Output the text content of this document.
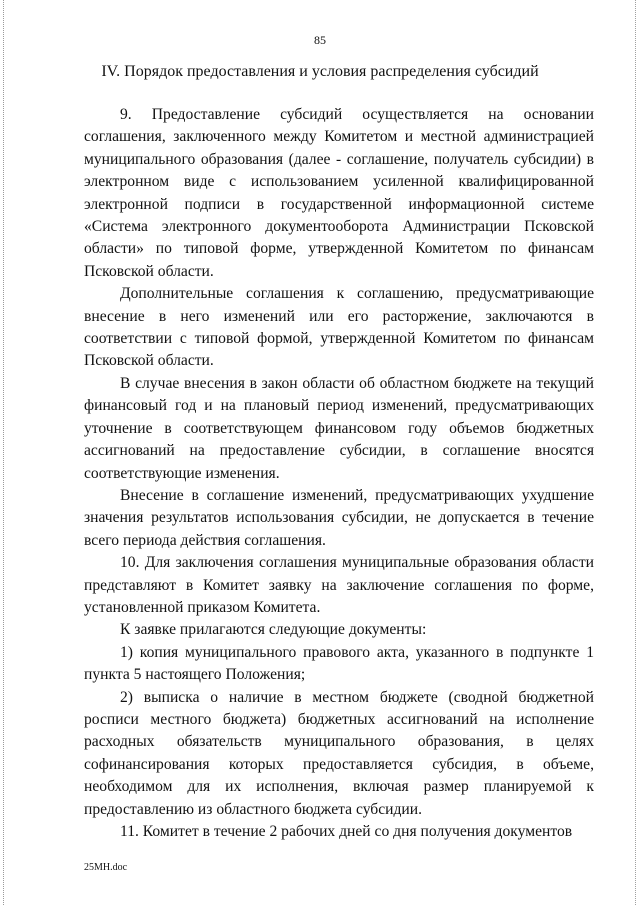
85
IV. Порядок предоставления и условия распределения субсидий

9. Предоставление субсидий осуществляется на основании соглашения, заключенного между Комитетом и местной администрацией муниципального образования (далее - соглашение, получатель субсидии) в электронном виде с использованием усиленной квалифицированной электронной подписи в государственной информационной системе «Система электронного документооборота Администрации Псковской области» по типовой форме, утвержденной Комитетом по финансам Псковской области.

Дополнительные соглашения к соглашению, предусматривающие внесение в него изменений или его расторжение, заключаются в соответствии с типовой формой, утвержденной Комитетом по финансам Псковской области.

В случае внесения в закон области об областном бюджете на текущий финансовый год и на плановый период изменений, предусматривающих уточнение в соответствующем финансовом году объемов бюджетных ассигнований на предоставление субсидии, в соглашение вносятся соответствующие изменения.

Внесение в соглашение изменений, предусматривающих ухудшение значения результатов использования субсидии, не допускается в течение всего периода действия соглашения.

10. Для заключения соглашения муниципальные образования области представляют в Комитет заявку на заключение соглашения по форме, установленной приказом Комитета.

К заявке прилагаются следующие документы:

1) копия муниципального правового акта, указанного в подпункте 1 пункта 5 настоящего Положения;

2) выписка о наличие в местном бюджете (сводной бюджетной росписи местного бюджета) бюджетных ассигнований на исполнение расходных обязательств муниципального образования, в целях софинансирования которых предоставляется субсидия, в объеме, необходимом для их исполнения, включая размер планируемой к предоставлению из областного бюджета субсидии.

11. Комитет в течение 2 рабочих дней со дня получения документов

25МН.doc
